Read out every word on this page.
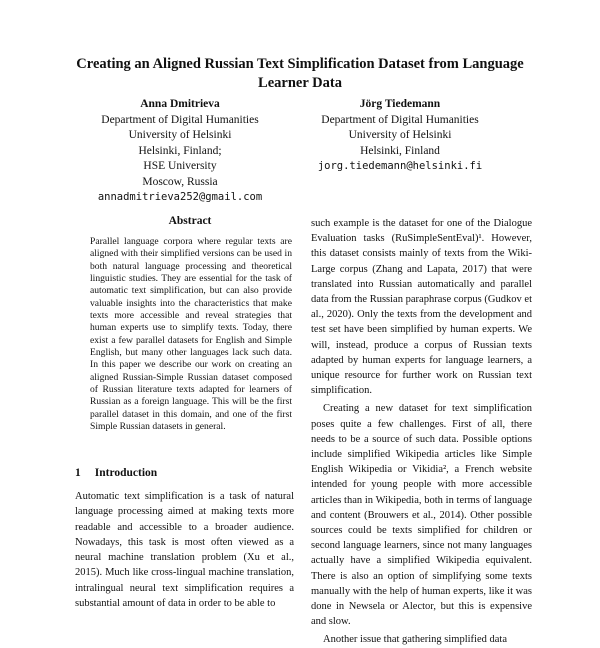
Creating an Aligned Russian Text Simplification Dataset from Language Learner Data
Anna Dmitrieva
Department of Digital Humanities
University of Helsinki
Helsinki, Finland;
HSE University
Moscow, Russia
annadmitrieva252@gmail.com
Jörg Tiedemann
Department of Digital Humanities
University of Helsinki
Helsinki, Finland
jorg.tiedemann@helsinki.fi
Abstract

Parallel language corpora where regular texts are aligned with their simplified versions can be used in both natural language processing and theoretical linguistic studies. They are essential for the task of automatic text simplification, but can also provide valuable insights into the characteristics that make texts more accessible and reveal strategies that human experts use to simplify texts. Today, there exist a few parallel datasets for English and Simple English, but many other languages lack such data. In this paper we describe our work on creating an aligned Russian-Simple Russian dataset composed of Russian literature texts adapted for learners of Russian as a foreign language. This will be the first parallel dataset in this domain, and one of the first Simple Russian datasets in general.

1 Introduction

Automatic text simplification is a task of natural language processing aimed at making texts more readable and accessible to a broader audience. Nowadays, this task is most often viewed as a neural machine translation problem (Xu et al., 2015). Much like cross-lingual machine translation, intralingual neural text simplification requires a substantial amount of data in order to be able to

such example is the dataset for one of the Dialogue Evaluation tasks (RuSimpleSentEval)¹. However, this dataset consists mainly of texts from the Wiki-Large corpus (Zhang and Lapata, 2017) that were translated into Russian automatically and parallel data from the Russian paraphrase corpus (Gudkov et al., 2020). Only the texts from the development and test set have been simplified by human experts. We will, instead, produce a corpus of Russian texts adapted by human experts for language learners, a unique resource for further work on Russian text simplification.

Creating a new dataset for text simplification poses quite a few challenges. First of all, there needs to be a source of such data. Possible options include simplified Wikipedia articles like Simple English Wikipedia or Vikidia², a French website intended for young people with more accessible articles than in Wikipedia, both in terms of language and content (Brouwers et al., 2014). Other possible sources could be texts simplified for children or second language learners, since not many languages actually have a simplified Wikipedia equivalent. There is also an option of simplifying some texts manually with the help of human experts, like it was done in Newsela or Alector, but this is expensive and slow.

Another issue that gathering simplified data
